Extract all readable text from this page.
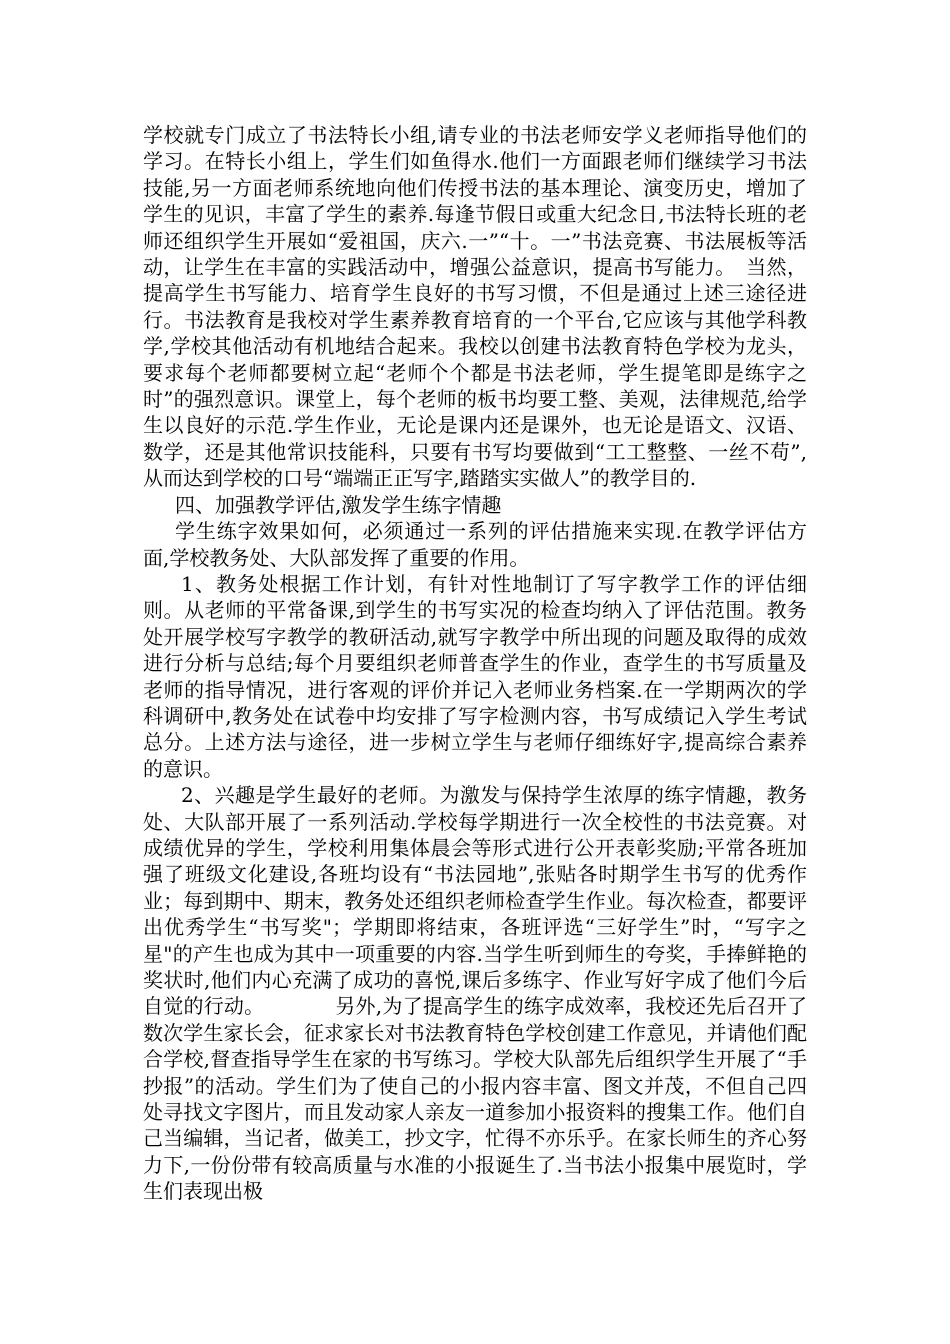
学校就专门成立了书法特长小组,请专业的书法老师安学义老师指导他们的学习。在特长小组上，学生们如鱼得水.他们一方面跟老师们继续学习书法技能,另一方面老师系统地向他们传授书法的基本理论、演变历史，增加了学生的见识，丰富了学生的素养.每逢节假日或重大纪念日,书法特长班的老师还组织学生开展如“爱祖国，庆六.一”“十。一”书法竞赛、书法展板等活动，让学生在丰富的实践活动中，增强公益意识，提高书写能力。　当然，提高学生书写能力、培育学生良好的书写习惯，不但是通过上述三途径进行。书法教育是我校对学生素养教育培育的一个平台,它应该与其他学科教学,学校其他活动有机地结合起来。我校以创建书法教育特色学校为龙头，要求每个老师都要树立起“老师个个都是书法老师，学生提笔即是练字之时”的强烈意识。课堂上，每个老师的板书均要工整、美观，法律规范,给学生以良好的示范.学生作业，无论是课内还是课外，也无论是语文、汉语、数学，还是其他常识技能科，只要有书写均要做到“工工整整、一丝不苟”,从而达到学校的口号“端端正正写字,踏踏实实做人”的教学目的.

四、加强教学评估,激发学生练字情趣

学生练字效果如何，必须通过一系列的评估措施来实现.在教学评估方面,学校教务处、大队部发挥了重要的作用。

1、教务处根据工作计划，有针对性地制订了写字教学工作的评估细则。从老师的平常备课,到学生的书写实况的检查均纳入了评估范围。教务处开展学校写字教学的教研活动,就写字教学中所出现的问题及取得的成效进行分析与总结;每个月要组织老师普查学生的作业，查学生的书写质量及老师的指导情况，进行客观的评价并记入老师业务档案.在一学期两次的学科调研中,教务处在试卷中均安排了写字检测内容，书写成绩记入学生考试总分。上述方法与途径，进一步树立学生与老师仔细练好字,提高综合素养的意识。

2、兴趣是学生最好的老师。为激发与保持学生浓厚的练字情趣，教务处、大队部开展了一系列活动.学校每学期进行一次全校性的书法竞赛。对成绩优异的学生，学校利用集体晨会等形式进行公开表彰奖励;平常各班加强了班级文化建设,各班均设有“书法园地”,张贴各时期学生书写的优秀作业；每到期中、期末，教务处还组织老师检查学生作业。每次检查，都要评出优秀学生“书写奖"；学期即将结束，各班评选“三好学生”时，“写字之星"的产生也成为其中一项重要的内容.当学生听到师生的夸奖，手捧鲜艳的奖状时,他们内心充满了成功的喜悦,课后多练字、作业写好字成了他们今后自觉的行动。　　　　另外,为了提高学生的练字成效率，我校还先后召开了数次学生家长会，征求家长对书法教育特色学校创建工作意见，并请他们配合学校,督查指导学生在家的书写练习。学校大队部先后组织学生开展了“手抄报”的活动。学生们为了使自己的小报内容丰富、图文并茂，不但自己四处寻找文字图片，而且发动家人亲友一道参加小报资料的搜集工作。他们自己当编辑，当记者，做美工，抄文字，忙得不亦乐乎。在家长师生的齐心努力下,一份份带有较高质量与水准的小报诞生了.当书法小报集中展览时，学生们表现出极
